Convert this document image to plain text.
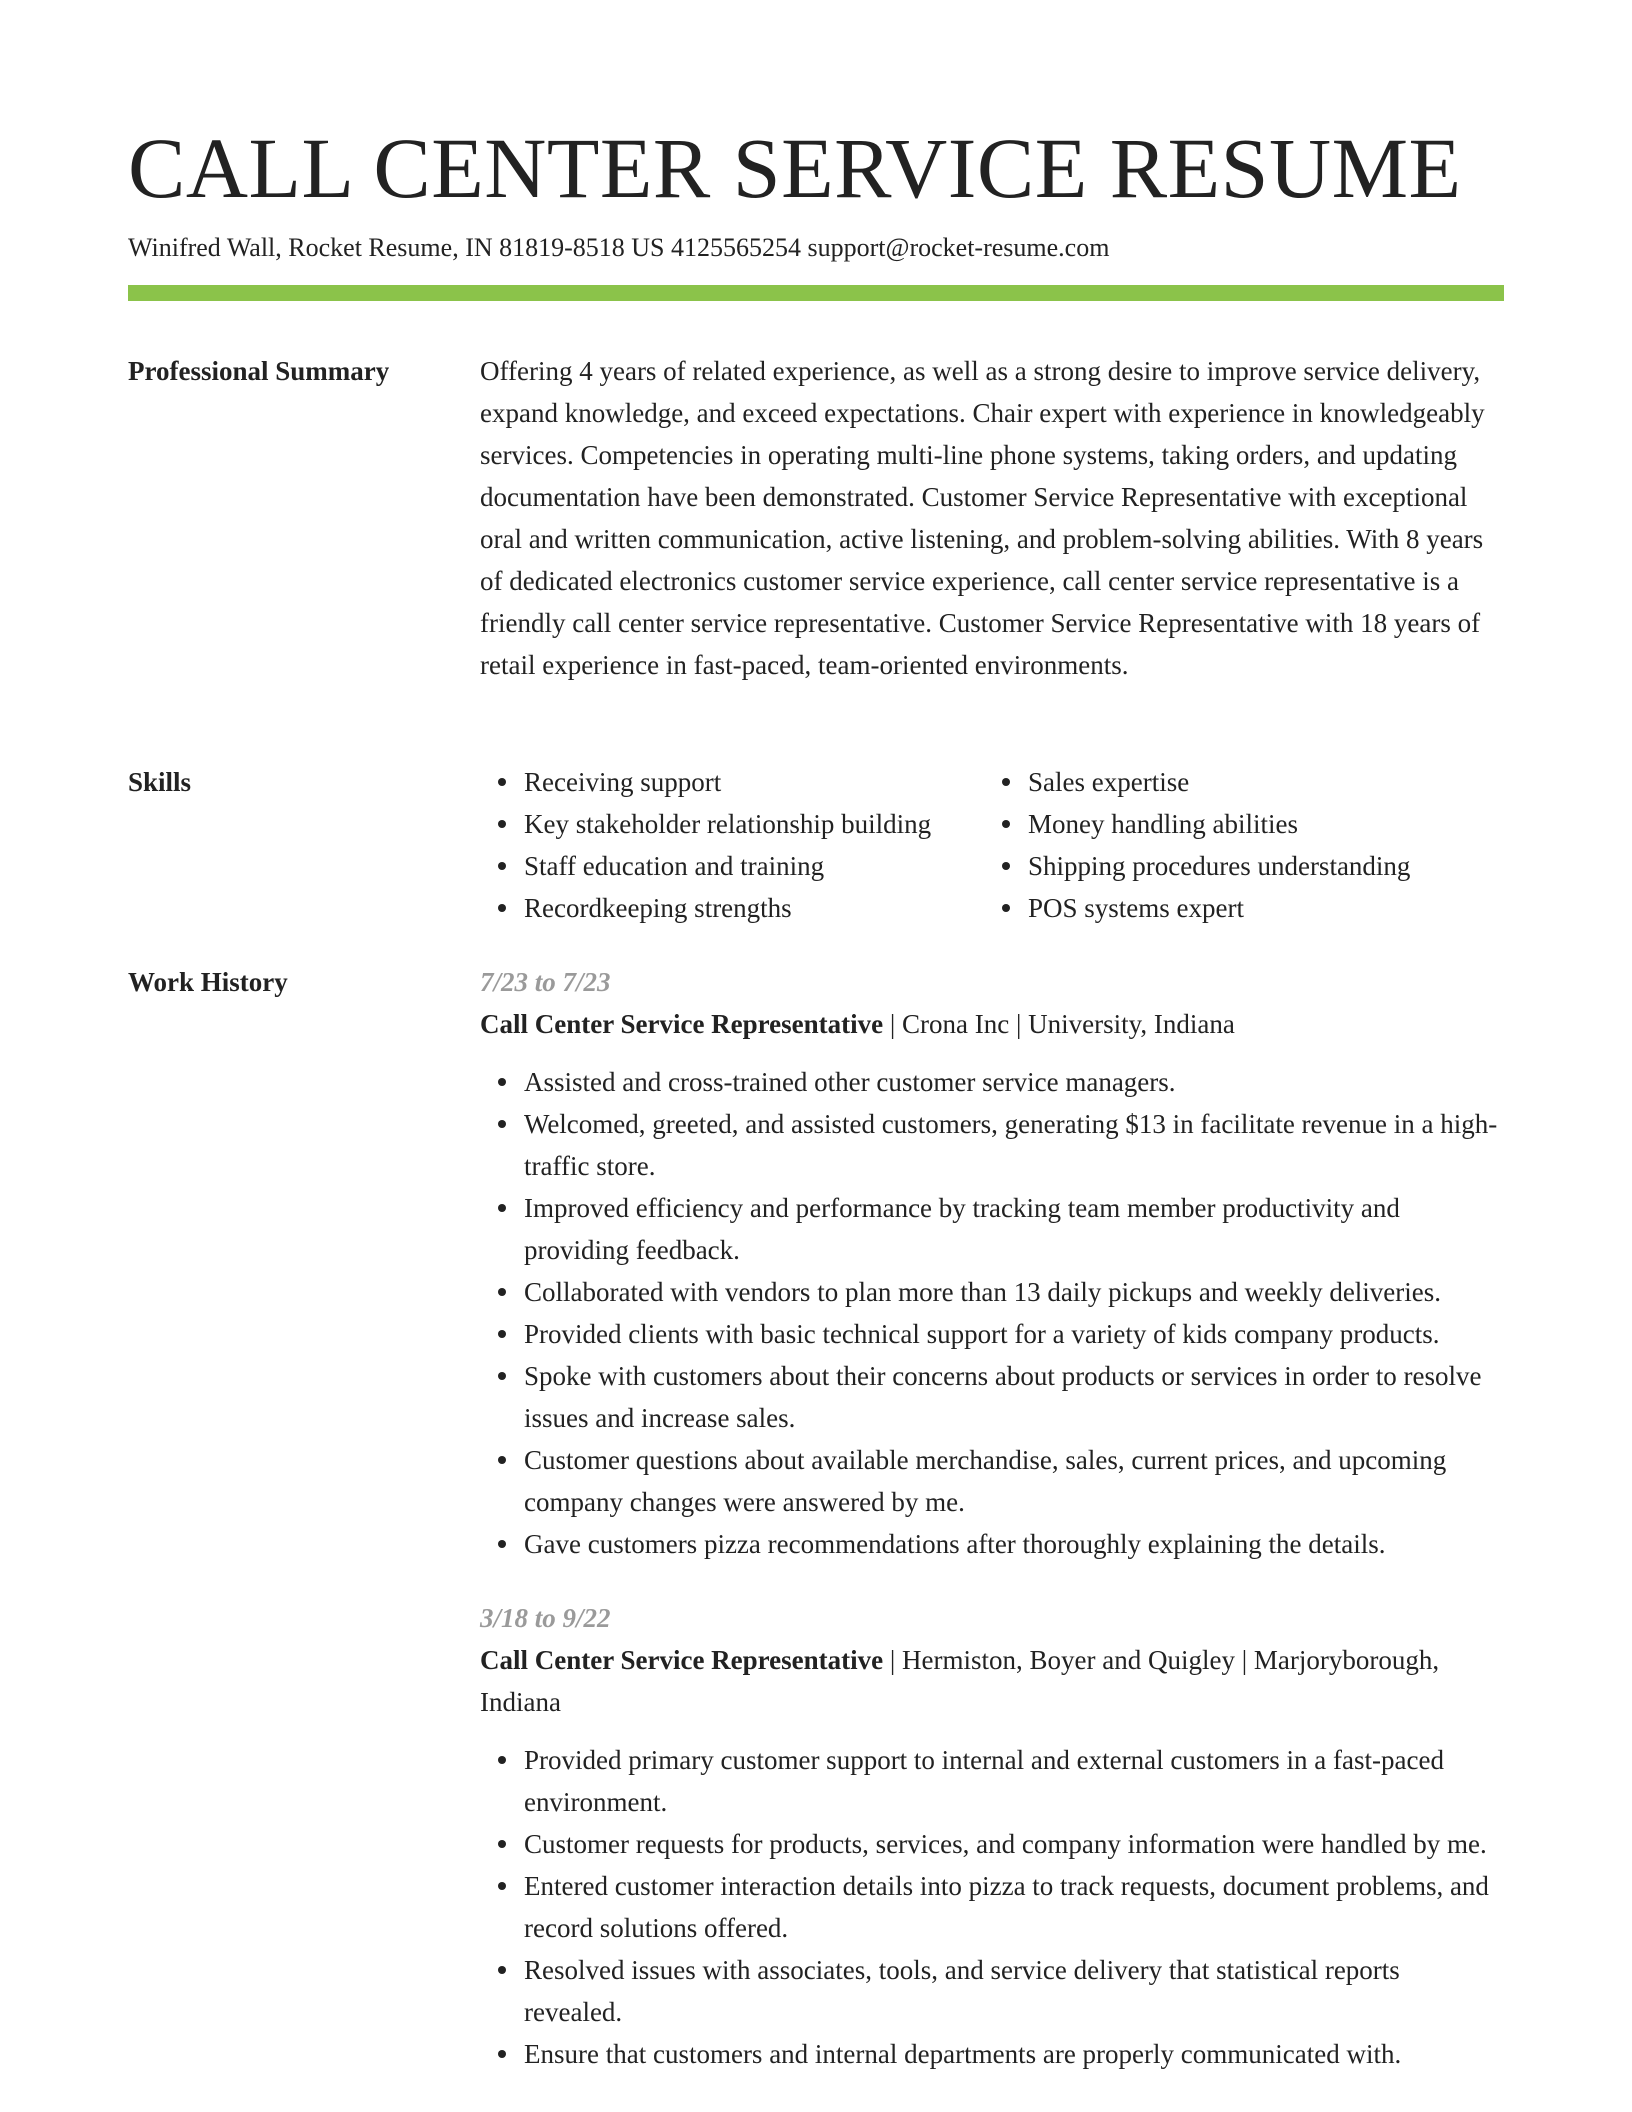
CALL CENTER SERVICE RESUME

Winifred Wall, Rocket Resume, IN 81819-8518 US 4125565254 support@rocket-resume.com

Professional Summary	Offering 4 years of related experience, as well as a strong desire to improve service delivery, expand knowledge, and exceed expectations. Chair expert with experience in knowledgeably services. Competencies in operating multi-line phone systems, taking orders, and updating documentation have been demonstrated. Customer Service Representative with exceptional oral and written communication, active listening, and problem-solving abilities. With 8 years of dedicated electronics customer service experience, call center service representative is a friendly call center service representative. Customer Service Representative with 18 years of retail experience in fast-paced, team-oriented environments.

Skills	Receiving support
Key stakeholder relationship building
Staff education and training
Recordkeeping strengths
Sales expertise
Money handling abilities
Shipping procedures understanding
POS systems expert
Work History	7/23 to 7/23

Call Center Service Representative | Crona Inc | University, Indiana

Assisted and cross-trained other customer service managers.
Welcomed, greeted, and assisted customers, generating $13 in facilitate revenue in a high-traffic store.
Improved efficiency and performance by tracking team member productivity and providing feedback.
Collaborated with vendors to plan more than 13 daily pickups and weekly deliveries.
Provided clients with basic technical support for a variety of kids company products.
Spoke with customers about their concerns about products or services in order to resolve issues and increase sales.
Customer questions about available merchandise, sales, current prices, and upcoming company changes were answered by me.
Gave customers pizza recommendations after thoroughly explaining the details.

3/18 to 9/22

Call Center Service Representative | Hermiston, Boyer and Quigley | Marjoryborough, Indiana

Provided primary customer support to internal and external customers in a fast-paced environment.
Customer requests for products, services, and company information were handled by me.
Entered customer interaction details into pizza to track requests, document problems, and record solutions offered.
Resolved issues with associates, tools, and service delivery that statistical reports revealed.
Ensure that customers and internal departments are properly communicated with.
